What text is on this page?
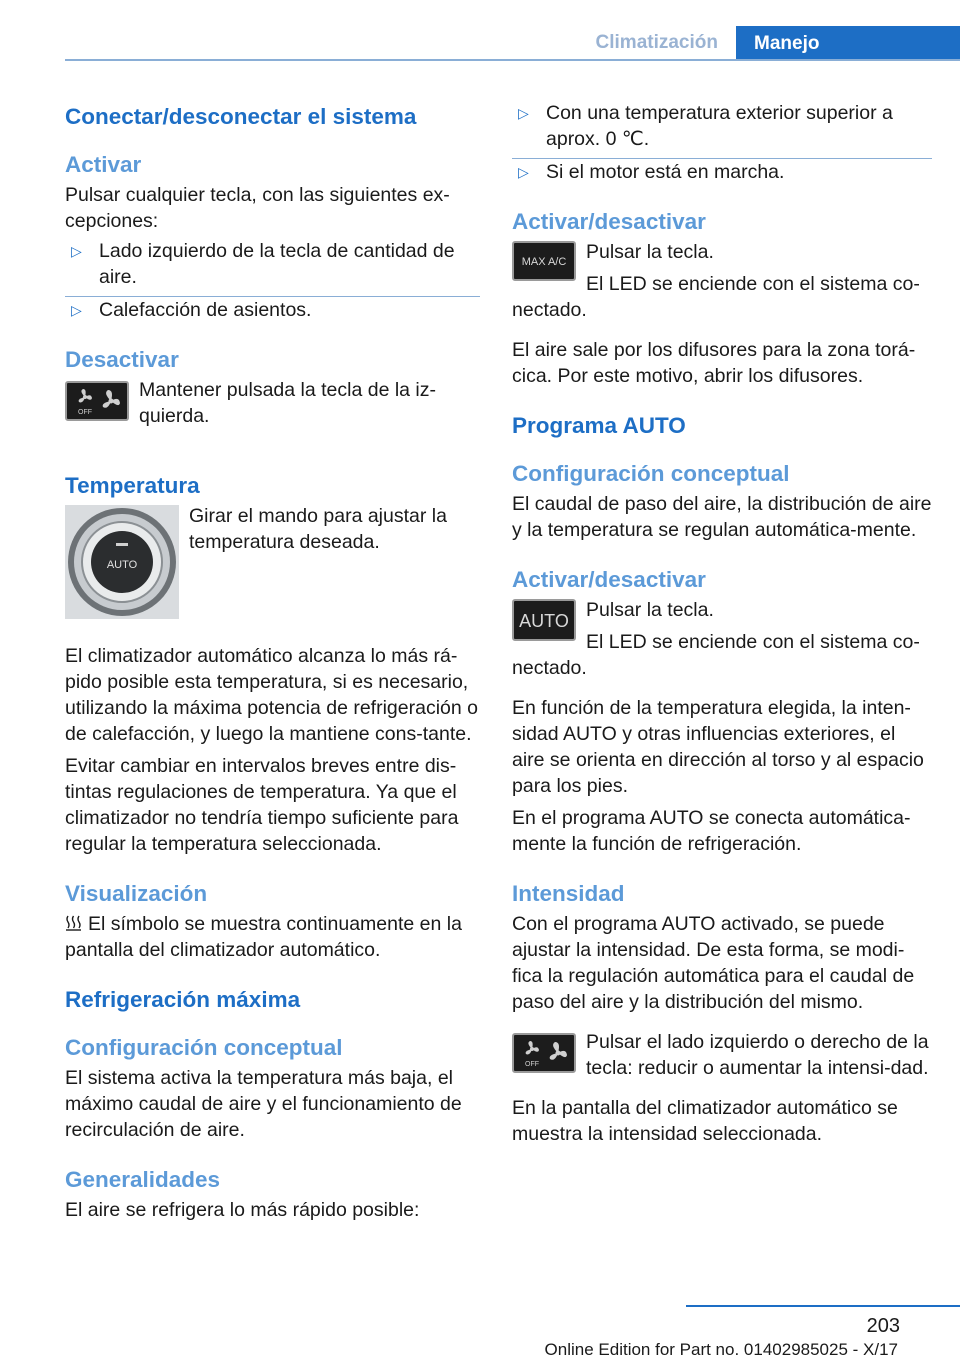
Climatización	Manejo
Conectar/desconectar el sistema
Activar

Pulsar cualquier tecla, con las siguientes ex‐cepciones:

▷ Lado izquierdo de la tecla de cantidad de aire.
▷ Calefacción de asientos.
Desactivar
OFF

Mantener pulsada la tecla de la iz‐quierda.

Temperatura
AUTO

Girar el mando para ajustar la temperatura deseada.

El climatizador automático alcanza lo más rá‐pido posible esta temperatura, si es necesario, utilizando la máxima potencia de refrigeración o de calefacción, y luego la mantiene cons‐tante.

Evitar cambiar en intervalos breves entre dis‐tintas regulaciones de temperatura. Ya que el climatizador no tendría tiempo suficiente para regular la temperatura seleccionada.

Visualización

El símbolo se muestra continuamente en la pantalla del climatizador automático.

Refrigeración máxima
Configuración conceptual

El sistema activa la temperatura más baja, el máximo caudal de aire y el funcionamiento de recirculación de aire.

Generalidades

El aire se refrigera lo más rápido posible:

▷ Con una temperatura exterior superior a aprox. 0 ℃.
▷ Si el motor está en marcha.
Activar/desactivar
MAX A/C	Pulsar la tecla.

El LED se enciende con el sistema co‐nectado.

El aire sale por los difusores para la zona torá‐cica. Por este motivo, abrir los difusores.

Programa AUTO
Configuración conceptual

El caudal de paso del aire, la distribución de aire y la temperatura se regulan automática‐mente.

Activar/desactivar
AUTO Pulsar la tecla.

El LED se enciende con el sistema co‐nectado.

En función de la temperatura elegida, la inten‐sidad AUTO y otras influencias exteriores, el aire se orienta en dirección al torso y al espacio para los pies.

En el programa AUTO se conecta automática‐mente la función de refrigeración.

Intensidad

Con el programa AUTO activado, se puede ajustar la intensidad. De esta forma, se modi‐fica la regulación automática para el caudal de paso del aire y la distribución del mismo.

OFF

Pulsar el lado izquierdo o derecho de la tecla: reducir o aumentar la intensi‐dad.

En la pantalla del climatizador automático se muestra la intensidad seleccionada.

203
Online Edition for Part no. 01402985025 - X/17
